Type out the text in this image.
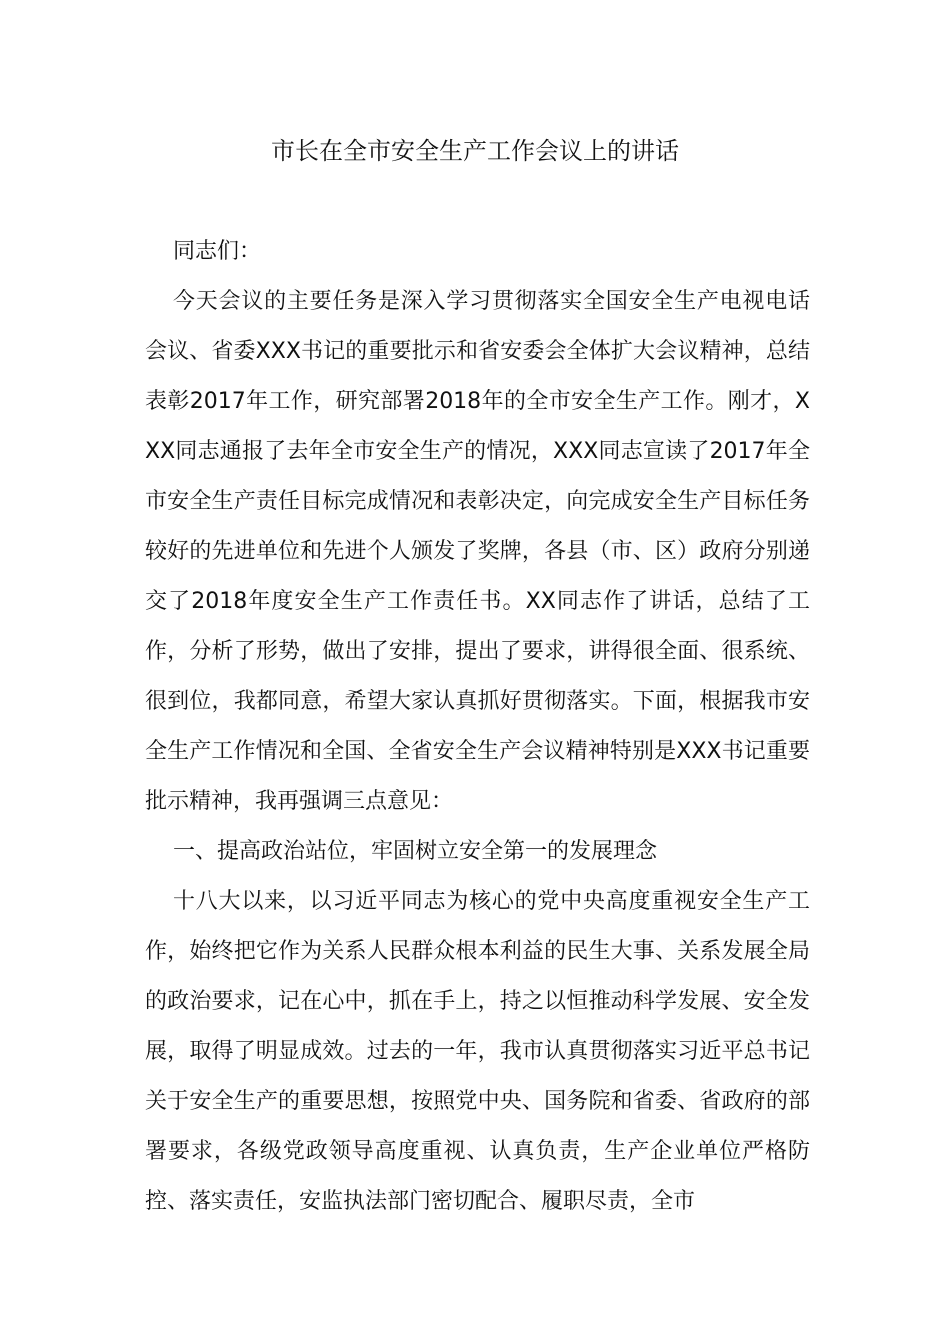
市长在全市安全生产工作会议上的讲话

同志们：

今天会议的主要任务是深入学习贯彻落实全国安全生产电视电话会议、省委XXX书记的重要批示和省安委会全体扩大会议精神，总结表彰2017年工作，研究部署2018年的全市安全生产工作。刚才，XXX同志通报了去年全市安全生产的情况，XXX同志宣读了2017年全市安全生产责任目标完成情况和表彰决定，向完成安全生产目标任务较好的先进单位和先进个人颁发了奖牌，各县（市、区）政府分别递交了2018年度安全生产工作责任书。XX同志作了讲话，总结了工作，分析了形势，做出了安排，提出了要求，讲得很全面、很系统、很到位，我都同意，希望大家认真抓好贯彻落实。下面，根据我市安全生产工作情况和全国、全省安全生产会议精神特别是XXX书记重要批示精神，我再强调三点意见：

一、提高政治站位，牢固树立安全第一的发展理念

十八大以来，以习近平同志为核心的党中央高度重视安全生产工作，始终把它作为关系人民群众根本利益的民生大事、关系发展全局的政治要求，记在心中，抓在手上，持之以恒推动科学发展、安全发展，取得了明显成效。过去的一年，我市认真贯彻落实习近平总书记关于安全生产的重要思想，按照党中央、国务院和省委、省政府的部署要求，各级党政领导高度重视、认真负责，生产企业单位严格防控、落实责任，安监执法部门密切配合、履职尽责，全市
